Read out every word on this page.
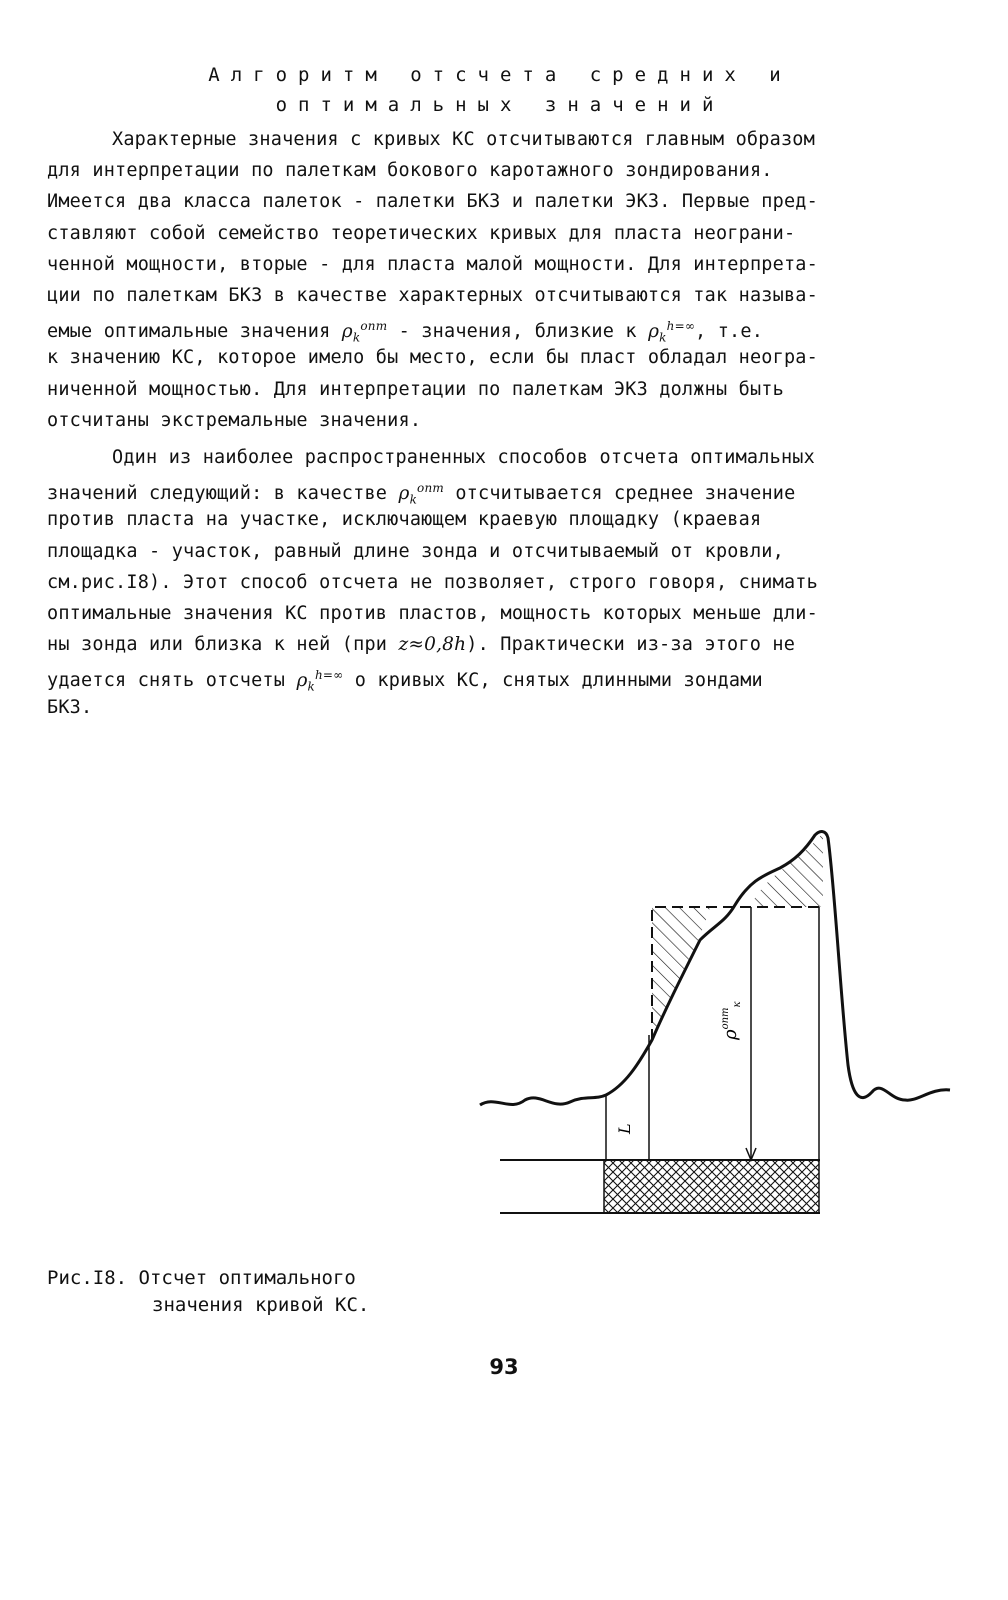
Алгоритм отсчета средних и
оптимальных значений
Характерные значения с кривых КС отсчитываются главным образом
для интерпретации по палеткам бокового каротажного зондирования.
Имеется два класса палеток - палетки БКЗ и палетки ЭКЗ. Первые пред-
ставляют собой семейство теоретических кривых для пласта неограни-
ченной мощности, вторые - для пласта малой мощности. Для интерпрета-
ции по палеткам БКЗ в качестве характерных отсчитываются так называ-
емые оптимальные значения $\rho_k^{опт}$ - значения, близкие к $\rho_k^{h=\infty}$, т.е.
к значению КС, которое имело бы место, если бы пласт обладал неогра-
ниченной мощностью. Для интерпретации по палеткам ЭКЗ должны быть
отсчитаны экстремальные значения.
Один из наиболее распространенных способов отсчета оптимальных
значений следующий: в качестве $\rho_k^{опт}$ отсчитывается среднее значение
против пласта на участке, исключающем краевую площадку (краевая
площадка - участок, равный длине зонда и отсчитываемый от кровли,
см.рис.I8). Этот способ отсчета не позволяет, строго говоря, снимать
оптимальные значения КС против пластов, мощность которых меньше дли-
ны зонда или близка к ней (при z≈0,8h). Практически из-за этого не
удается снять отсчеты $\rho_k^{h=\infty}$ о кривых КС, снятых длинными зондами
БКЗ.
L
$\rho^{опт}_к$
Рис.I8. Отсчет оптимального
значения кривой КС.
93
